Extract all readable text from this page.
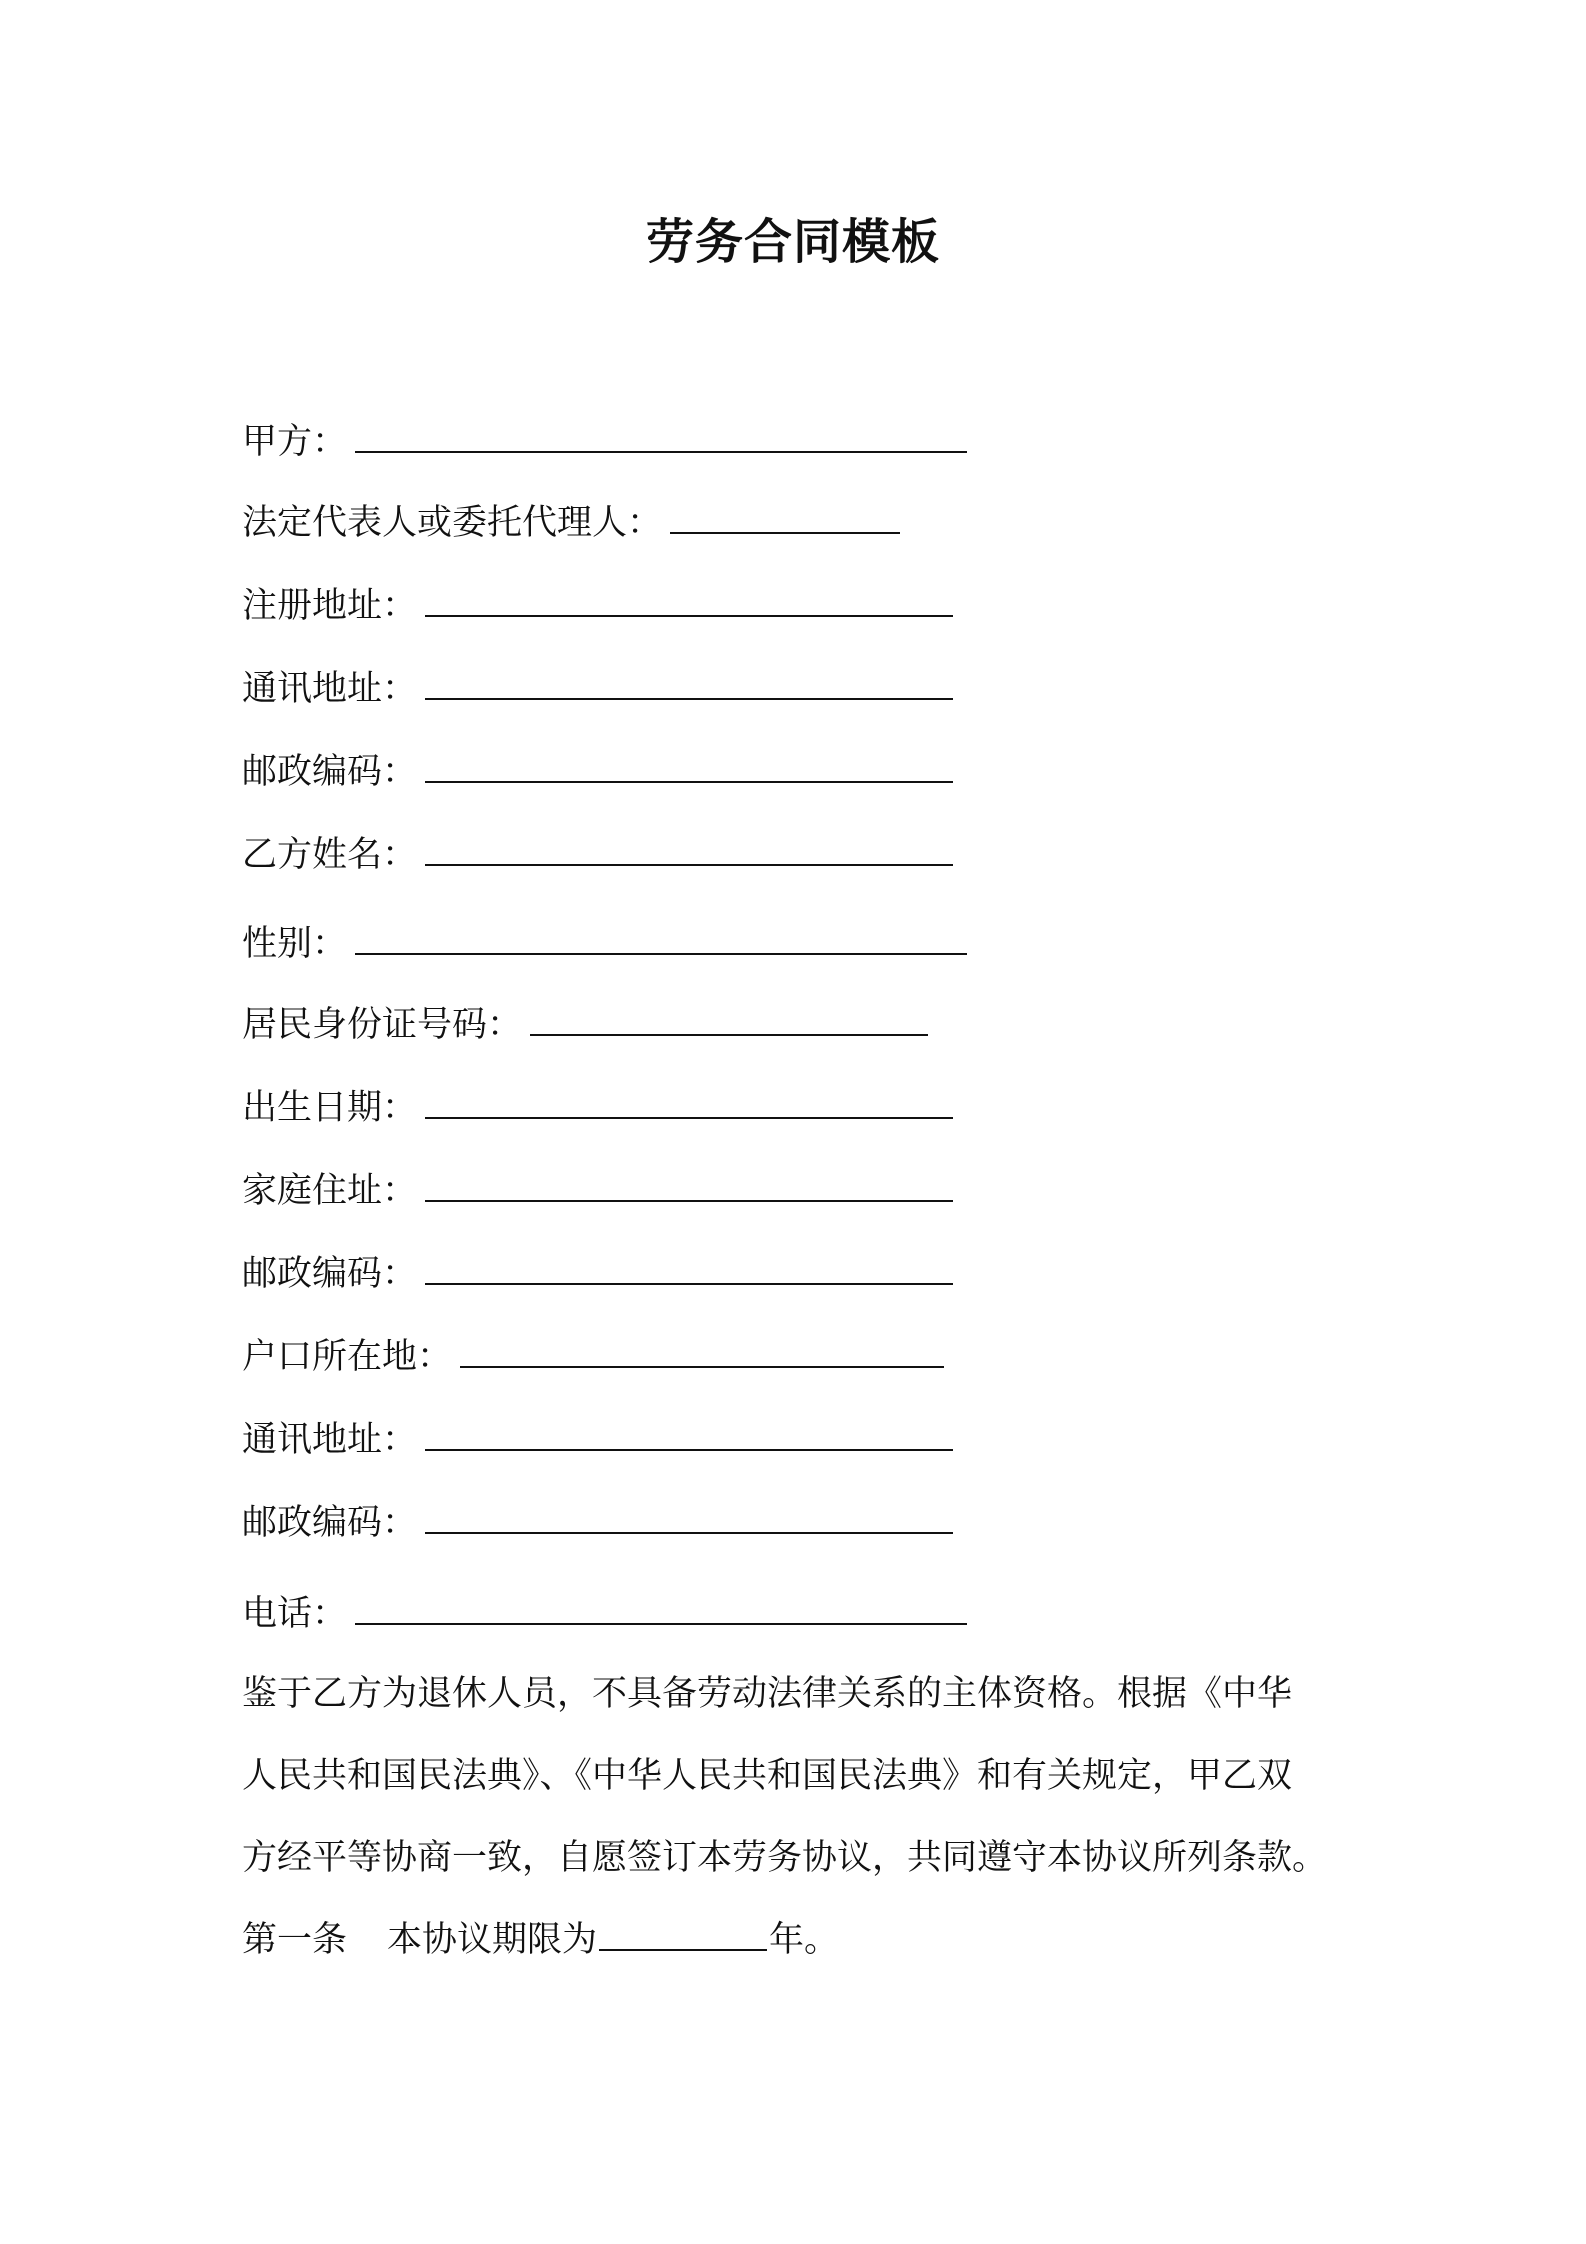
劳务合同模板
甲方：
法定代表人或委托代理人：
注册地址：
通讯地址：
邮政编码：
乙方姓名：
性别：
居民身份证号码：
出生日期：
家庭住址：
邮政编码：
户口所在地：
通讯地址：
邮政编码：
电话：
鉴于乙方为退休人员，不具备劳动法律关系的主体资格。根据《中华
人民共和国民法典》、《中华人民共和国民法典》和有关规定，甲乙双
方经平等协商一致，自愿签订本劳务协议，共同遵守本协议所列条款。
第一条 本协议期限为	年。
